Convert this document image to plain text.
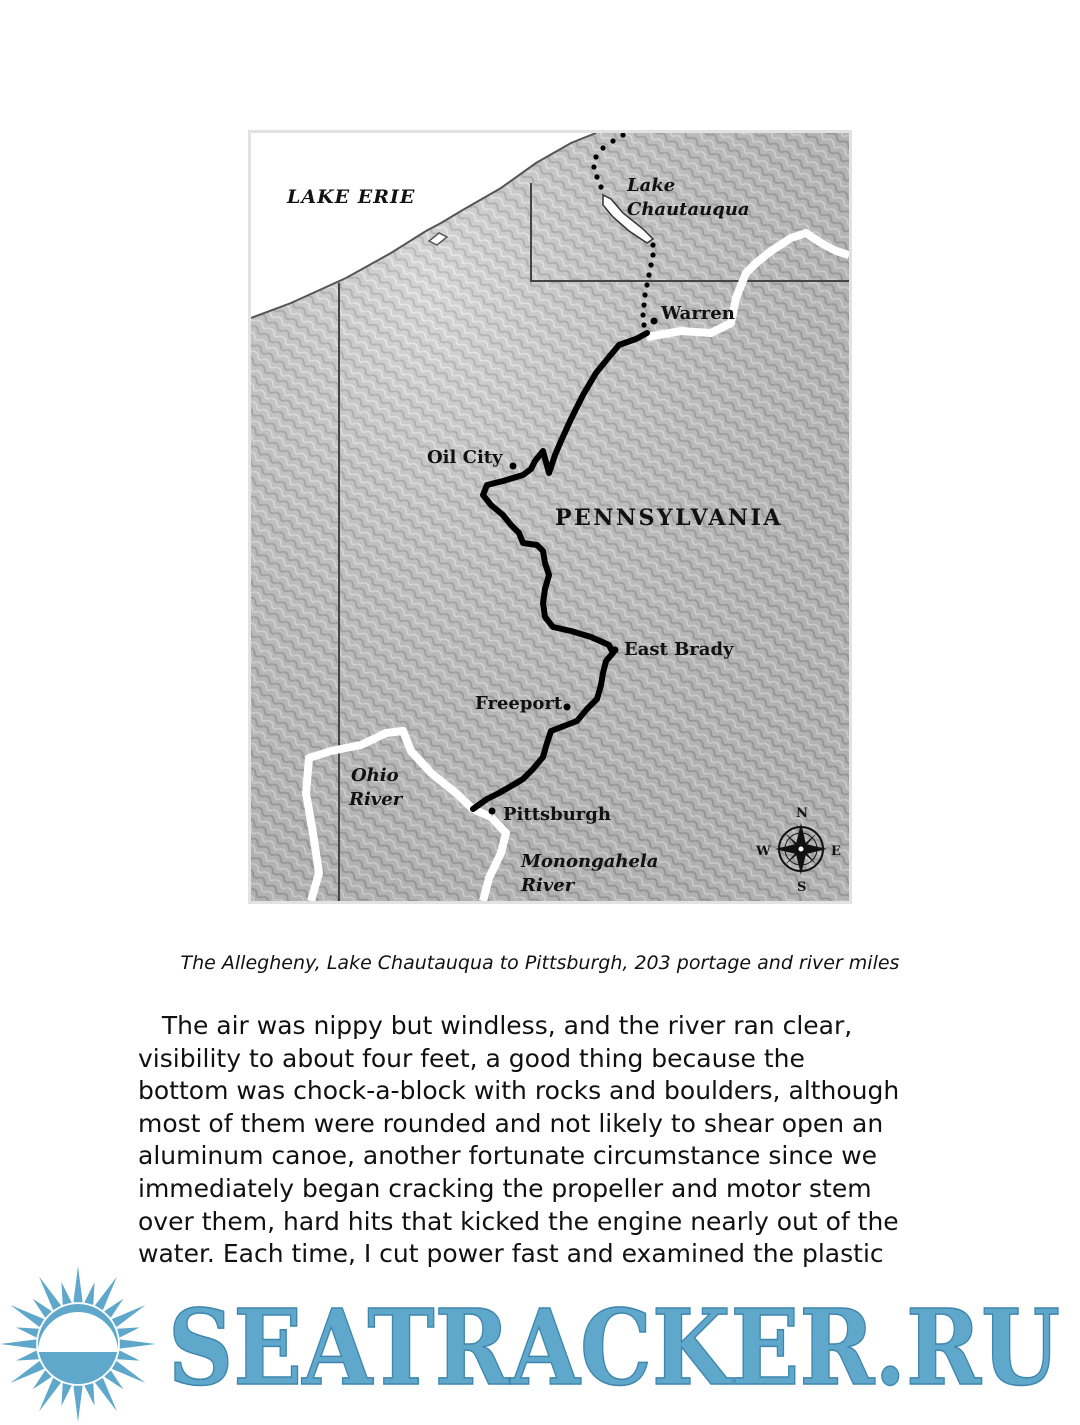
LAKE ERIE
Lake
Chautauqua
Warren
Oil City
PENNSYLVANIA
East Brady
Freeport
Ohio
River
Pittsburgh
Monongahela
River
N
S
E
W
The Allegheny, Lake Chautauqua to Pittsburgh, 203 portage and river miles
The air was nippy but windless, and the river ran clear,
visibility to about four feet, a good thing because the
bottom was chock-a-block with rocks and boulders, although
most of them were rounded and not likely to shear open an
aluminum canoe, another fortunate circumstance since we
immediately began cracking the propeller and motor stem
over them, hard hits that kicked the engine nearly out of the
water. Each time, I cut power fast and examined the plastic
SEATRACKER.RU
